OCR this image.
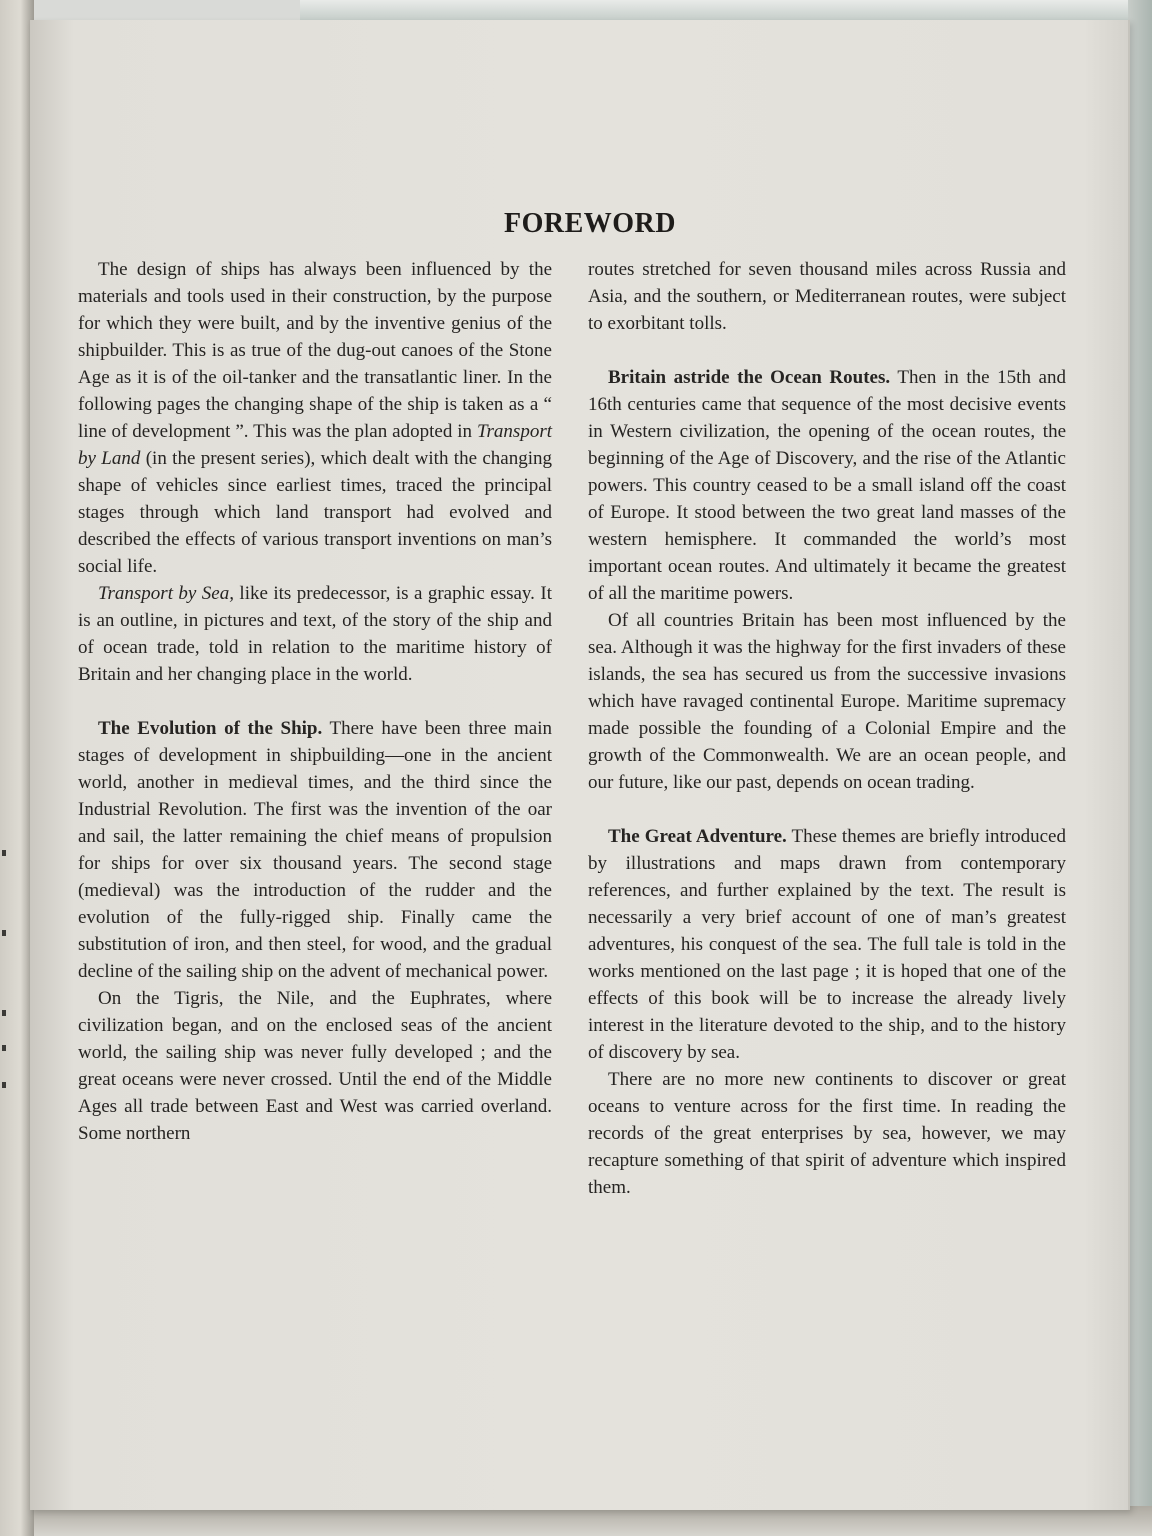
FOREWORD

The design of ships has always been influenced by the materials and tools used in their construction, by the purpose for which they were built, and by the inventive genius of the shipbuilder. This is as true of the dug-out canoes of the Stone Age as it is of the oil-tanker and the transatlantic liner. In the following pages the changing shape of the ship is taken as a “ line of development ”. This was the plan adopted in Transport by Land (in the present series), which dealt with the changing shape of vehicles since earliest times, traced the principal stages through which land transport had evolved and described the effects of various transport inventions on man’s social life.

Transport by Sea, like its predecessor, is a graphic essay. It is an outline, in pictures and text, of the story of the ship and of ocean trade, told in relation to the maritime history of Britain and her changing place in the world.

The Evolution of the Ship. There have been three main stages of development in shipbuilding—one in the ancient world, another in medieval times, and the third since the Industrial Revolution. The first was the invention of the oar and sail, the latter remaining the chief means of propulsion for ships for over six thousand years. The second stage (medieval) was the introduction of the rudder and the evolution of the fully-rigged ship. Finally came the substitution of iron, and then steel, for wood, and the gradual decline of the sailing ship on the advent of mechanical power.

On the Tigris, the Nile, and the Euphrates, where civilization began, and on the enclosed seas of the ancient world, the sailing ship was never fully developed ; and the great oceans were never crossed. Until the end of the Middle Ages all trade between East and West was carried overland. Some northern

routes stretched for seven thousand miles across Russia and Asia, and the southern, or Mediterranean routes, were subject to exorbitant tolls.

Britain astride the Ocean Routes. Then in the 15th and 16th centuries came that sequence of the most decisive events in Western civilization, the opening of the ocean routes, the beginning of the Age of Discovery, and the rise of the Atlantic powers. This country ceased to be a small island off the coast of Europe. It stood between the two great land masses of the western hemisphere. It commanded the world’s most important ocean routes. And ultimately it became the greatest of all the maritime powers.

Of all countries Britain has been most influenced by the sea. Although it was the highway for the first invaders of these islands, the sea has secured us from the successive invasions which have ravaged continental Europe. Maritime supremacy made possible the founding of a Colonial Empire and the growth of the Commonwealth. We are an ocean people, and our future, like our past, depends on ocean trading.

The Great Adventure. These themes are briefly introduced by illustrations and maps drawn from contemporary references, and further explained by the text. The result is necessarily a very brief account of one of man’s greatest adventures, his conquest of the sea. The full tale is told in the works mentioned on the last page ; it is hoped that one of the effects of this book will be to increase the already lively interest in the literature devoted to the ship, and to the history of discovery by sea.

There are no more new continents to discover or great oceans to venture across for the first time. In reading the records of the great enterprises by sea, however, we may recapture something of that spirit of adventure which inspired them.
